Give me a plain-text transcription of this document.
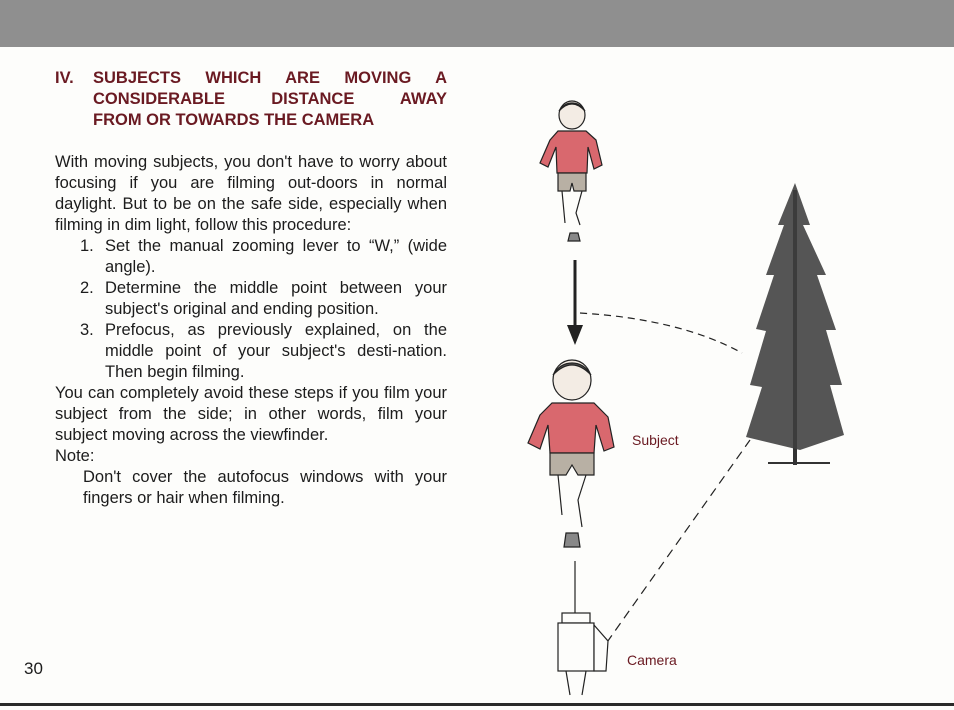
IV.	SUBJECTS WHICH ARE MOVING A
CONSIDERABLE DISTANCE AWAY
FROM OR TOWARDS THE CAMERA

With moving subjects, you don't have to worry about focusing if you are filming out-doors in normal daylight. But to be on the safe side, especially when filming in dim light, follow this procedure:

1. Set the manual zooming lever to “W,” (wide angle).
2. Determine the middle point between your subject's original and ending position.
3. Prefocus, as previously explained, on the middle point of your subject's desti-nation. Then begin filming.

You can completely avoid these steps if you film your subject from the side; in other words, film your subject moving across the viewfinder.

Note:

Don't cover the autofocus windows with your fingers or hair when filming.

30
Subject
Camera
